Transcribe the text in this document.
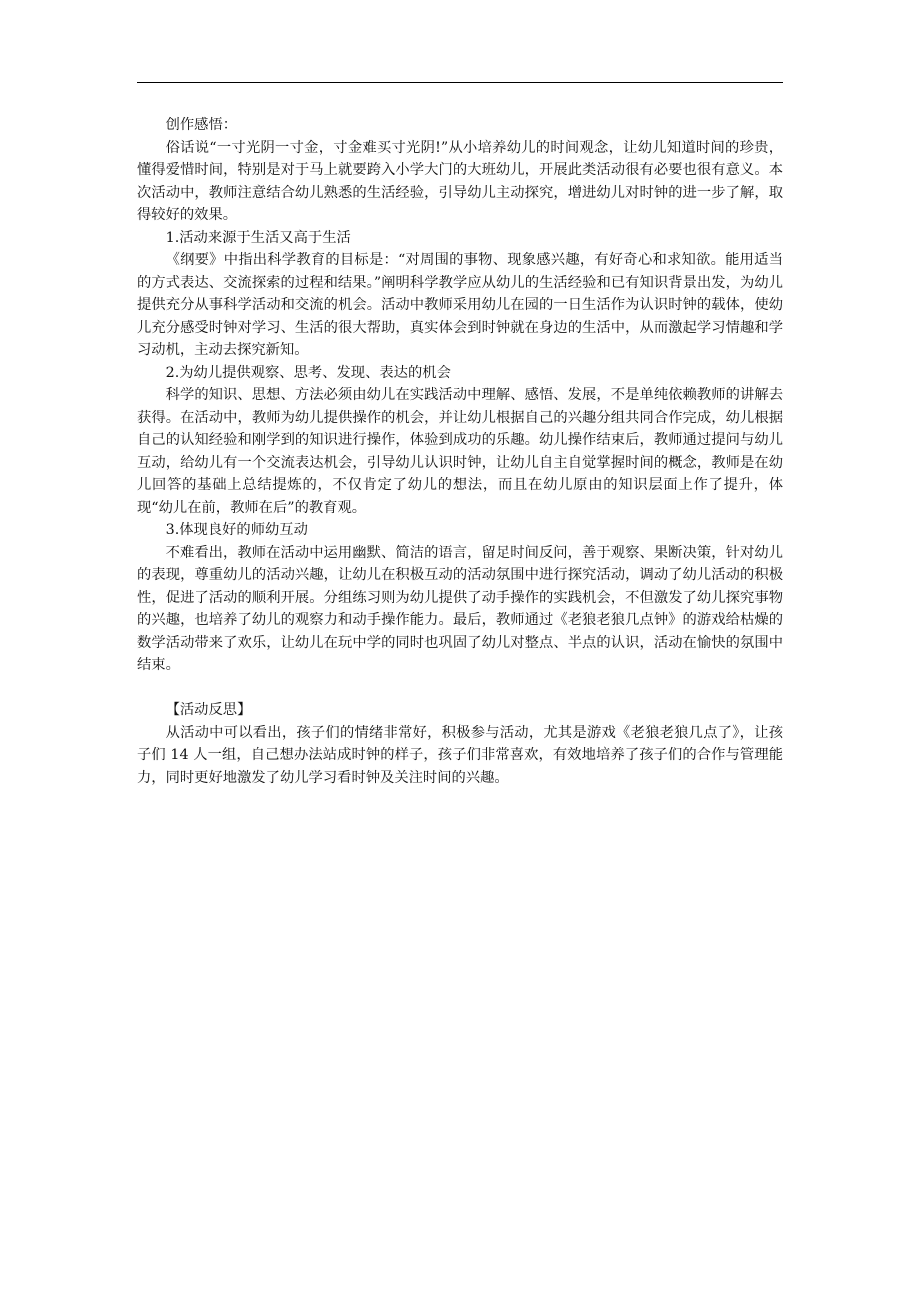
创作感悟：

俗话说“一寸光阴一寸金，寸金难买寸光阴!”从小培养幼儿的时间观念，让幼儿知道时间的珍贵，懂得爱惜时间，特别是对于马上就要跨入小学大门的大班幼儿，开展此类活动很有必要也很有意义。本次活动中，教师注意结合幼儿熟悉的生活经验，引导幼儿主动探究，增进幼儿对时钟的进一步了解，取得较好的效果。

1.活动来源于生活又高于生活

《纲要》中指出科学教育的目标是：“对周围的事物、现象感兴趣，有好奇心和求知欲。能用适当的方式表达、交流探索的过程和结果。”阐明科学教学应从幼儿的生活经验和已有知识背景出发，为幼儿提供充分从事科学活动和交流的机会。活动中教师采用幼儿在园的一日生活作为认识时钟的载体，使幼儿充分感受时钟对学习、生活的很大帮助，真实体会到时钟就在身边的生活中，从而激起学习情趣和学习动机，主动去探究新知。

2.为幼儿提供观察、思考、发现、表达的机会

科学的知识、思想、方法必须由幼儿在实践活动中理解、感悟、发展，不是单纯依赖教师的讲解去获得。在活动中，教师为幼儿提供操作的机会，并让幼儿根据自己的兴趣分组共同合作完成，幼儿根据自己的认知经验和刚学到的知识进行操作，体验到成功的乐趣。幼儿操作结束后，教师通过提问与幼儿互动，给幼儿有一个交流表达机会，引导幼儿认识时钟，让幼儿自主自觉掌握时间的概念，教师是在幼儿回答的基础上总结提炼的，不仅肯定了幼儿的想法，而且在幼儿原由的知识层面上作了提升，体现“幼儿在前，教师在后”的教育观。

3.体现良好的师幼互动

不难看出，教师在活动中运用幽默、简洁的语言，留足时间反问，善于观察、果断决策，针对幼儿的表现，尊重幼儿的活动兴趣，让幼儿在积极互动的活动氛围中进行探究活动，调动了幼儿活动的积极性，促进了活动的顺利开展。分组练习则为幼儿提供了动手操作的实践机会，不但激发了幼儿探究事物的兴趣，也培养了幼儿的观察力和动手操作能力。最后，教师通过《老狼老狼几点钟》的游戏给枯燥的数学活动带来了欢乐，让幼儿在玩中学的同时也巩固了幼儿对整点、半点的认识，活动在愉快的氛围中结束。

【活动反思】

从活动中可以看出，孩子们的情绪非常好，积极参与活动，尤其是游戏《老狼老狼几点了》，让孩子们 14 人一组，自己想办法站成时钟的样子，孩子们非常喜欢，有效地培养了孩子们的合作与管理能力，同时更好地激发了幼儿学习看时钟及关注时间的兴趣。
